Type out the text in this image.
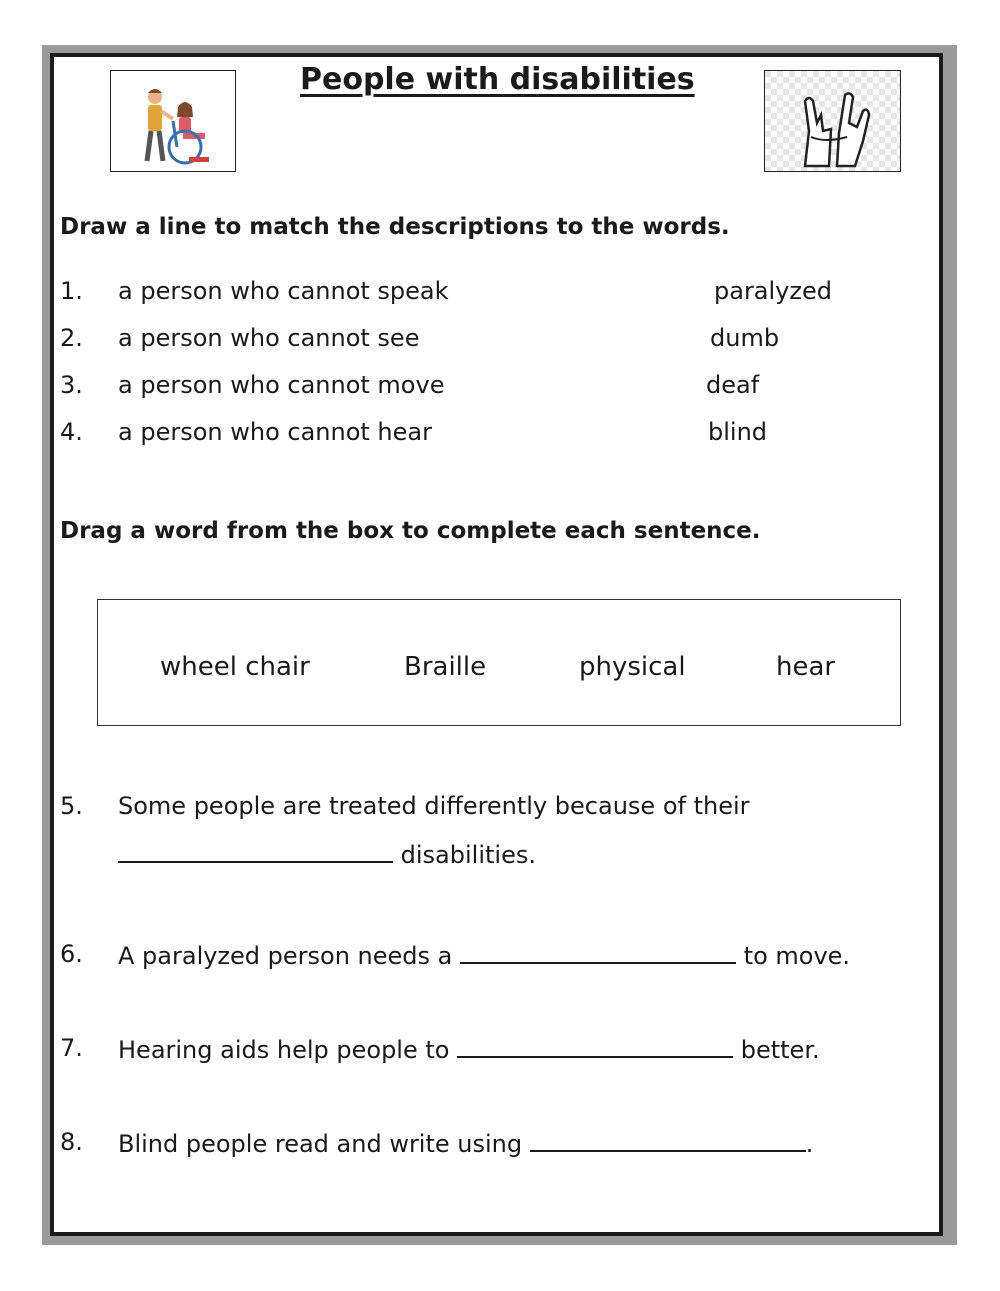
People with disabilities
Draw a line to match the descriptions to the words.
1. a person who cannot speak	paralyzed
2. a person who cannot see	dumb
3. a person who cannot move	deaf
4. a person who cannot hear	blind
Drag a word from the box to complete each sentence.
wheel chair	Braille	physical	hear
5. Some people are treated differently because of their
disabilities.
6. A paralyzed person needs a	to move.
7. Hearing aids help people to	better.
8. Blind people read and write using	.
